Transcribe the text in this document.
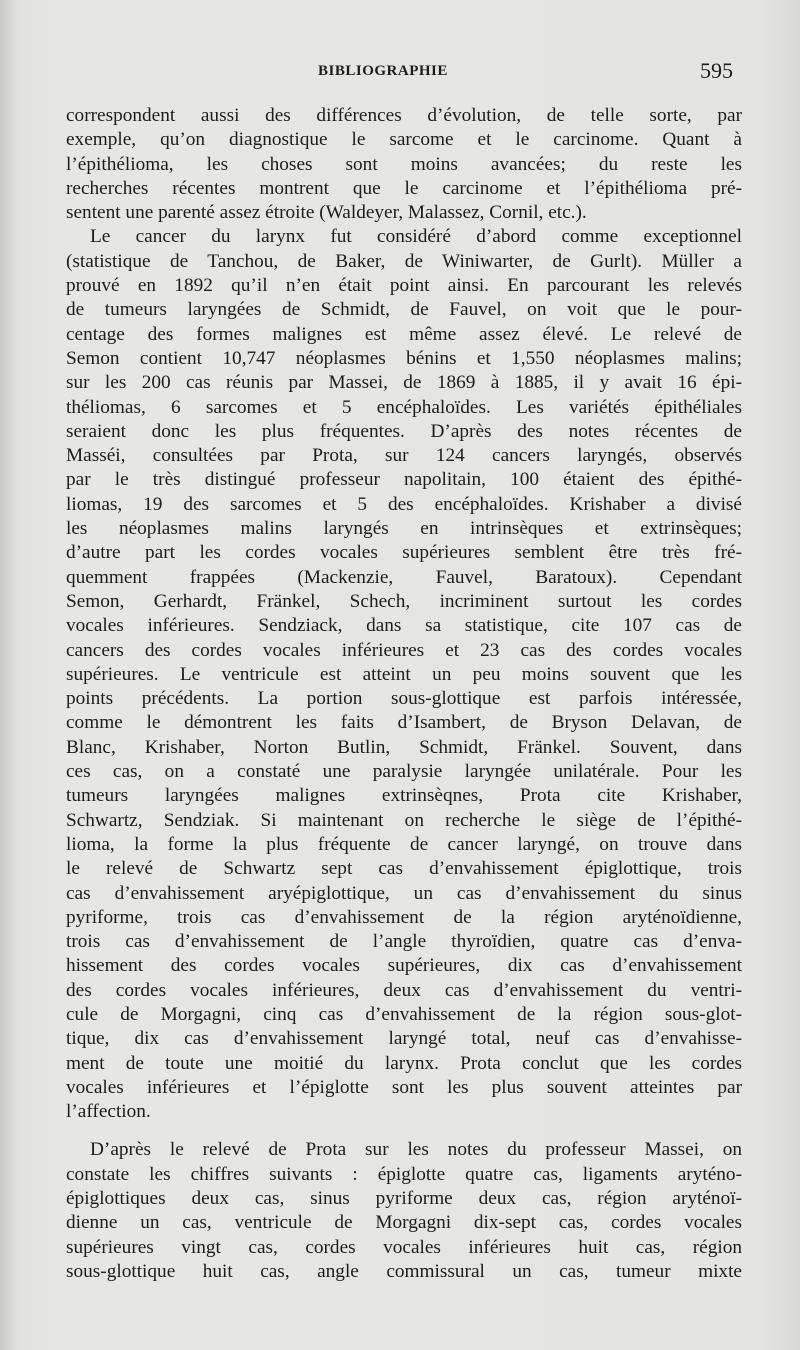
BIBLIOGRAPHIE	595
correspondent aussi des différences d’évolution, de telle sorte, par
exemple, qu’on diagnostique le sarcome et le carcinome. Quant à
l’épithélioma, les choses sont moins avancées; du reste les
recherches récentes montrent que le carcinome et l’épithélioma pré-
sentent une parenté assez étroite (Waldeyer, Malassez, Cornil, etc.).
Le cancer du larynx fut considéré d’abord comme exceptionnel
(statistique de Tanchou, de Baker, de Winiwarter, de Gurlt). Müller a
prouvé en 1892 qu’il n’en était point ainsi. En parcourant les relevés
de tumeurs laryngées de Schmidt, de Fauvel, on voit que le pour-
centage des formes malignes est même assez élevé. Le relevé de
Semon contient 10,747 néoplasmes bénins et 1,550 néoplasmes malins;
sur les 200 cas réunis par Massei, de 1869 à 1885, il y avait 16 épi-
théliomas, 6 sarcomes et 5 encéphaloïdes. Les variétés épithéliales
seraient donc les plus fréquentes. D’après des notes récentes de
Masséi, consultées par Prota, sur 124 cancers laryngés, observés
par le très distingué professeur napolitain, 100 étaient des épithé-
liomas, 19 des sarcomes et 5 des encéphaloïdes. Krishaber a divisé
les néoplasmes malins laryngés en intrinsèques et extrinsèques;
d’autre part les cordes vocales supérieures semblent être très fré-
quemment frappées (Mackenzie, Fauvel, Baratoux). Cependant
Semon, Gerhardt, Fränkel, Schech, incriminent surtout les cordes
vocales inférieures. Sendziack, dans sa statistique, cite 107 cas de
cancers des cordes vocales inférieures et 23 cas des cordes vocales
supérieures. Le ventricule est atteint un peu moins souvent que les
points précédents. La portion sous-glottique est parfois intéressée,
comme le démontrent les faits d’Isambert, de Bryson Delavan, de
Blanc, Krishaber, Norton Butlin, Schmidt, Fränkel. Souvent, dans
ces cas, on a constaté une paralysie laryngée unilatérale. Pour les
tumeurs laryngées malignes extrinsèqnes, Prota cite Krishaber,
Schwartz, Sendziak. Si maintenant on recherche le siège de l’épithé-
lioma, la forme la plus fréquente de cancer laryngé, on trouve dans
le relevé de Schwartz sept cas d’envahissement épiglottique, trois
cas d’envahissement aryépiglottique, un cas d’envahissement du sinus
pyriforme, trois cas d’envahissement de la région aryténoïdienne,
trois cas d’envahissement de l’angle thyroïdien, quatre cas d’enva-
hissement des cordes vocales supérieures, dix cas d’envahissement
des cordes vocales inférieures, deux cas d’envahissement du ventri-
cule de Morgagni, cinq cas d’envahissement de la région sous-glot-
tique, dix cas d’envahissement laryngé total, neuf cas d’envahisse-
ment de toute une moitié du larynx. Prota conclut que les cordes
vocales inférieures et l’épiglotte sont les plus souvent atteintes par
l’affection.
D’après le relevé de Prota sur les notes du professeur Massei, on
constate les chiffres suivants : épiglotte quatre cas, ligaments aryténo-
épiglottiques deux cas, sinus pyriforme deux cas, région aryténoï-
dienne un cas, ventricule de Morgagni dix-sept cas, cordes vocales
supérieures vingt cas, cordes vocales inférieures huit cas, région
sous-glottique huit cas, angle commissural un cas, tumeur mixte
